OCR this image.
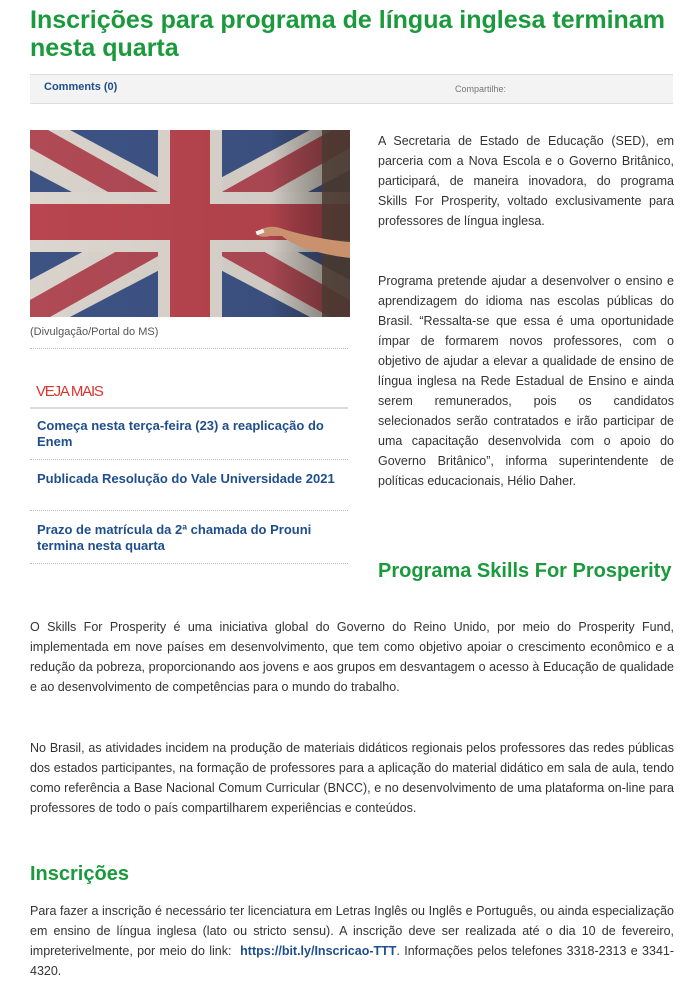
Inscrições para programa de língua inglesa terminam nesta quarta
Comments (0)	Compartilhe:
(Divulgação/Portal do MS)
VEJA MAIS

Começa nesta terça-feira (23) a reaplicação do Enem

Publicada Resolução do Vale Universidade 2021

Prazo de matrícula da 2ª chamada do Prouni termina nesta quarta

A Secretaria de Estado de Educação (SED), em parceria com a Nova Escola e o Governo Britânico, participará, de maneira inovadora, do programa Skills For Prosperity, voltado exclusivamente para professores de língua inglesa.

Programa pretende ajudar a desenvolver o ensino e aprendizagem do idioma nas escolas públicas do Brasil. “Ressalta-se que essa é uma oportunidade ímpar de formarem novos professores, com o objetivo de ajudar a elevar a qualidade de ensino de língua inglesa na Rede Estadual de Ensino e ainda serem remunerados, pois os candidatos selecionados serão contratados e irão participar de uma capacitação desenvolvida com o apoio do Governo Britânico”, informa superintendente de políticas educacionais, Hélio Daher.

Programa Skills For Prosperity

O Skills For Prosperity é uma iniciativa global do Governo do Reino Unido, por meio do Prosperity Fund, implementada em nove países em desenvolvimento, que tem como objetivo apoiar o crescimento econômico e a redução da pobreza, proporcionando aos jovens e aos grupos em desvantagem o acesso à Educação de qualidade e ao desenvolvimento de competências para o mundo do trabalho.

No Brasil, as atividades incidem na produção de materiais didáticos regionais pelos professores das redes públicas dos estados participantes, na formação de professores para a aplicação do material didático em sala de aula, tendo como referência a Base Nacional Comum Curricular (BNCC), e no desenvolvimento de uma plataforma on-line para professores de todo o país compartilharem experiências e conteúdos.

Inscrições

Para fazer a inscrição é necessário ter licenciatura em Letras Inglês ou Inglês e Português, ou ainda especialização em ensino de língua inglesa (lato ou stricto sensu). A inscrição deve ser realizada até o dia 10 de fevereiro, impreterivelmente, por meio do link: https://bit.ly/Inscricao-TTT. Informações pelos telefones 3318-2313 e 3341-4320.
